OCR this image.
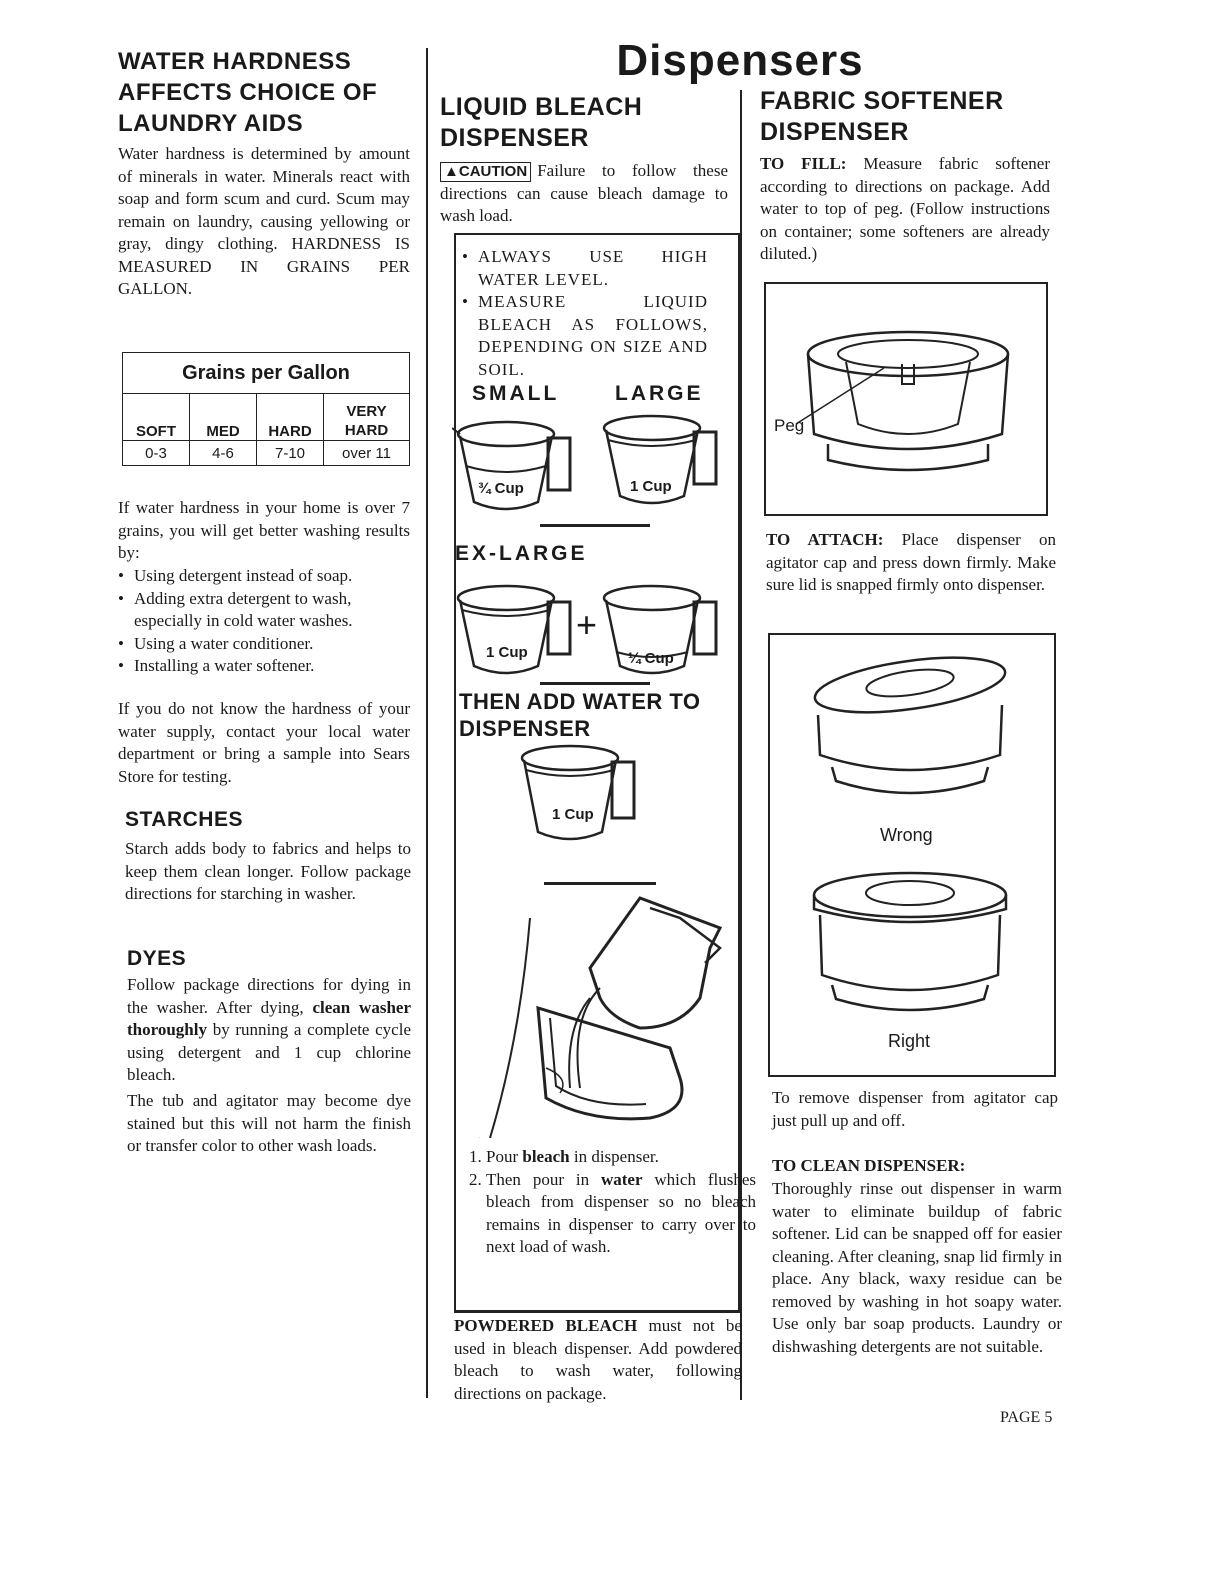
Dispensers
WATER HARDNESS AFFECTS CHOICE OF LAUNDRY AIDS

Water hardness is determined by amount of minerals in water. Minerals react with soap and form scum and curd. Scum may remain on laundry, causing yellowing or gray, dingy clothing. HARDNESS IS MEASURED IN GRAINS PER GALLON.

Grains per Gallon			
SOFT	MED	HARD	VERY HARD
0-3	4-6	7-10	over 11

If water hardness in your home is over 7 grains, you will get better washing results by:

• Using detergent instead of soap.
• Adding extra detergent to wash, especially in cold water washes.
• Using a water conditioner.
• Installing a water softener.

If you do not know the hardness of your water supply, contact your local water department or bring a sample into Sears Store for testing.

STARCHES

Starch adds body to fabrics and helps to keep them clean longer. Follow package directions for starching in washer.

DYES
Follow package directions for dying in the washer. After dying, clean washer thoroughly by running a complete cycle using detergent and 1 cup chlorine bleach.

The tub and agitator may become dye stained but this will not harm the finish or transfer color to other wash loads.

LIQUID BLEACH DISPENSER
▲CAUTION Failure to follow these directions can cause bleach damage to wash load.
• ALWAYS USE HIGH WATER LEVEL.
• MEASURE LIQUID BLEACH AS FOLLOWS, DEPENDING ON SIZE AND SOIL.
SMALL	LARGE
¾ Cup	1 Cup
EX-LARGE
1 Cup
+
¼ Cup
THEN ADD WATER TO DISPENSER
1 Cup
1. Pour bleach in dispenser.
2. Then pour in water which flushes bleach from dispenser so no bleach remains in dispenser to carry over to next load of wash.
POWDERED BLEACH must not be used in bleach dispenser. Add powdered bleach to wash water, following directions on package.
FABRIC SOFTENER DISPENSER
TO FILL: Measure fabric softener according to directions on package. Add water to top of peg. (Follow instructions on container; some softeners are already diluted.)
Peg
TO ATTACH: Place dispenser on agitator cap and press down firmly. Make sure lid is snapped firmly onto dispenser.
Wrong
Right

To remove dispenser from agitator cap just pull up and off.

TO CLEAN DISPENSER:

Thoroughly rinse out dispenser in warm water to eliminate buildup of fabric softener. Lid can be snapped off for easier cleaning. After cleaning, snap lid firmly in place. Any black, waxy residue can be removed by washing in hot soapy water. Use only bar soap products. Laundry or dishwashing detergents are not suitable.

PAGE 5
